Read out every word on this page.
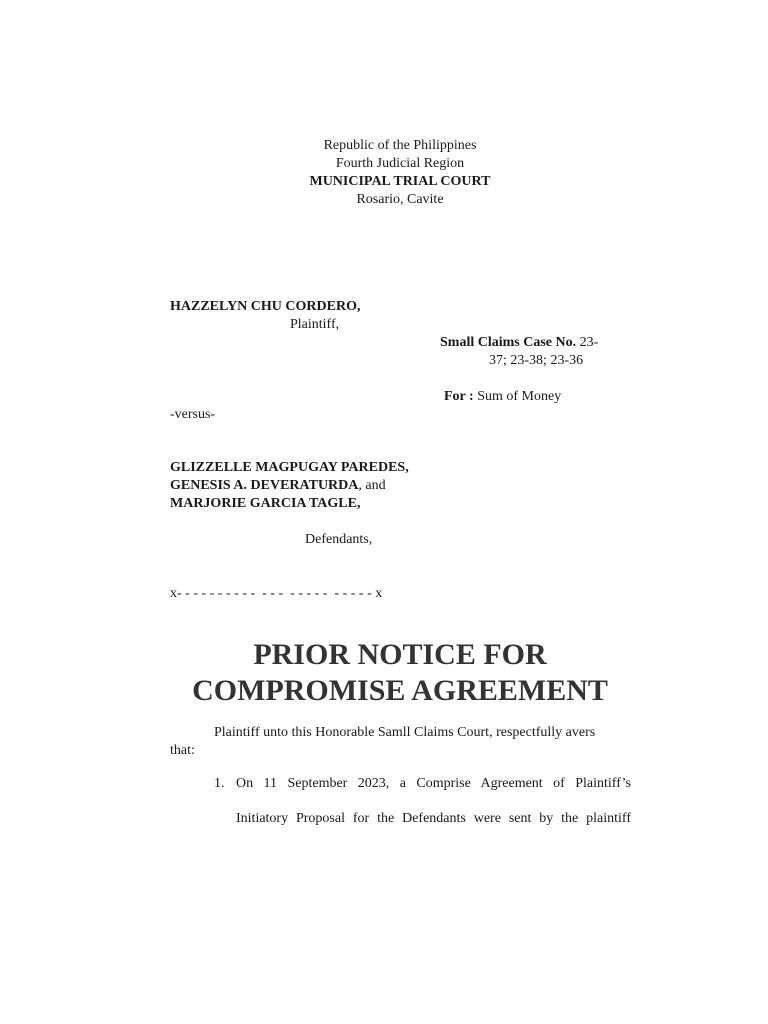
Republic of the Philippines
Fourth Judicial Region
MUNICIPAL TRIAL COURT
Rosario, Cavite
HAZZELYN CHU CORDERO,
Plaintiff,
Small Claims Case No. 23-
37; 23-38; 23-36
For : Sum of Money
-versus-
GLIZZELLE MAGPUGAY PAREDES,
GENESIS A. DEVERATURDA, and
MARJORIE GARCIA TAGLE,
Defendants,
x- - - - - - - - - -  - - -  - - - - -  - - - - - x
PRIOR NOTICE FOR
COMPROMISE AGREEMENT
Plaintiff unto this Honorable Samll Claims Court, respectfully avers
that:
1. On 11 September 2023, a Comprise Agreement of Plaintiff’s
Initiatory Proposal for the Defendants were sent by the plaintiff
